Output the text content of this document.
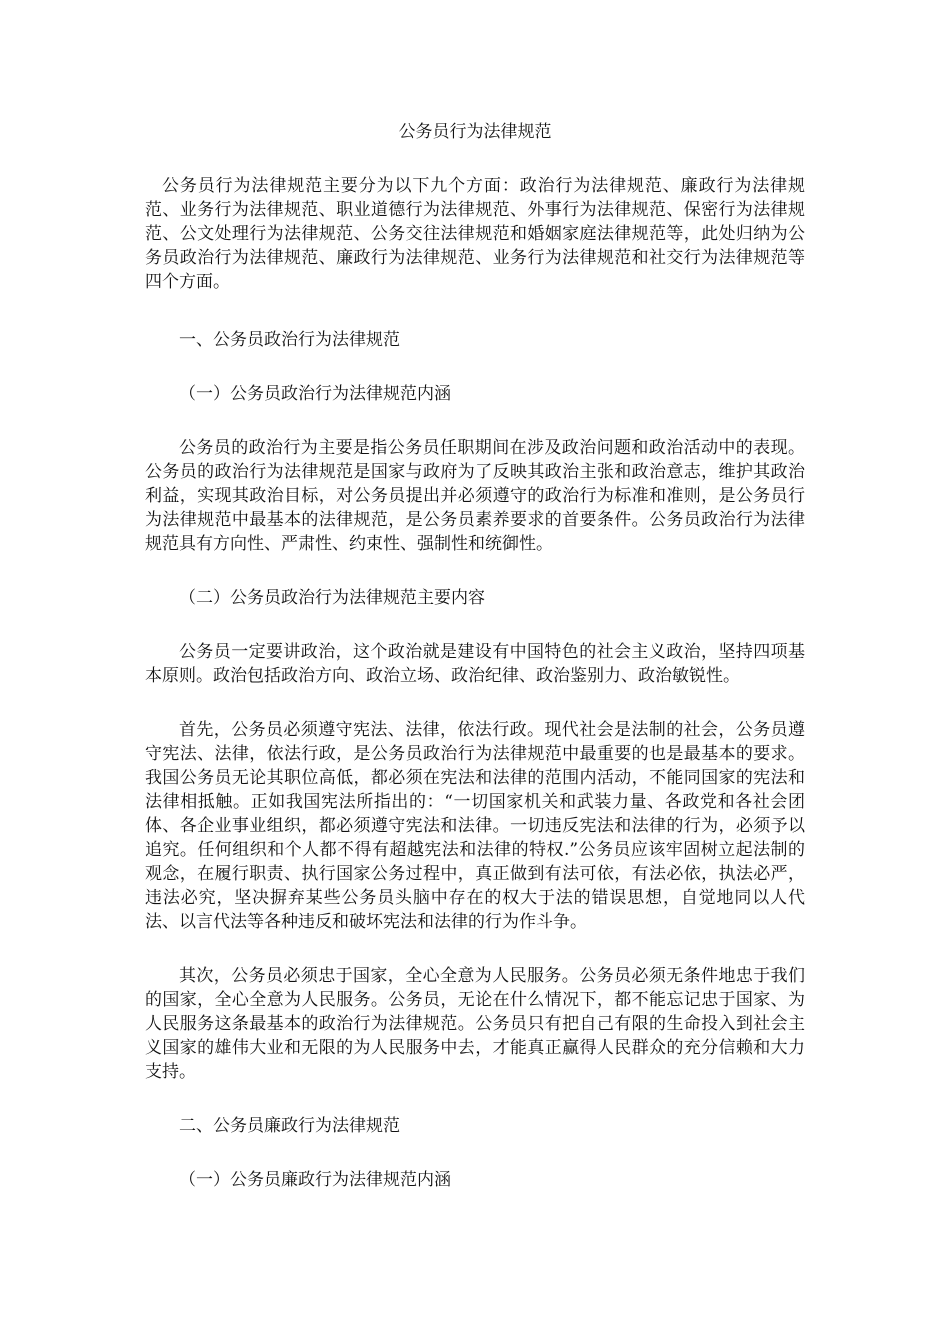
公务员行为法律规范

公务员行为法律规范主要分为以下九个方面：政治行为法律规范、廉政行为法律规范、业务行为法律规范、职业道德行为法律规范、外事行为法律规范、保密行为法律规范、公文处理行为法律规范、公务交往法律规范和婚姻家庭法律规范等，此处归纳为公务员政治行为法律规范、廉政行为法律规范、业务行为法律规范和社交行为法律规范等四个方面。

一、公务员政治行为法律规范
（一）公务员政治行为法律规范内涵

公务员的政治行为主要是指公务员任职期间在涉及政治问题和政治活动中的表现。公务员的政治行为法律规范是国家与政府为了反映其政治主张和政治意志，维护其政治利益，实现其政治目标，对公务员提出并必须遵守的政治行为标准和准则，是公务员行为法律规范中最基本的法律规范，是公务员素养要求的首要条件。公务员政治行为法律规范具有方向性、严肃性、约束性、强制性和统御性。

（二）公务员政治行为法律规范主要内容

公务员一定要讲政治，这个政治就是建设有中国特色的社会主义政治，坚持四项基本原则。政治包括政治方向、政治立场、政治纪律、政治鉴别力、政治敏锐性。

首先，公务员必须遵守宪法、法律，依法行政。现代社会是法制的社会，公务员遵守宪法、法律，依法行政，是公务员政治行为法律规范中最重要的也是最基本的要求。我国公务员无论其职位高低，都必须在宪法和法律的范围内活动，不能同国家的宪法和法律相抵触。正如我国宪法所指出的：“一切国家机关和武装力量、各政党和各社会团体、各企业事业组织，都必须遵守宪法和法律。一切违反宪法和法律的行为，必须予以追究。任何组织和个人都不得有超越宪法和法律的特权.”公务员应该牢固树立起法制的观念，在履行职责、执行国家公务过程中，真正做到有法可依，有法必依，执法必严，违法必究，坚决摒弃某些公务员头脑中存在的权大于法的错误思想，自觉地同以人代法、以言代法等各种违反和破坏宪法和法律的行为作斗争。

其次，公务员必须忠于国家，全心全意为人民服务。公务员必须无条件地忠于我们的国家，全心全意为人民服务。公务员，无论在什么情况下，都不能忘记忠于国家、为人民服务这条最基本的政治行为法律规范。公务员只有把自己有限的生命投入到社会主义国家的雄伟大业和无限的为人民服务中去，才能真正赢得人民群众的充分信赖和大力支持。

二、公务员廉政行为法律规范
（一）公务员廉政行为法律规范内涵
